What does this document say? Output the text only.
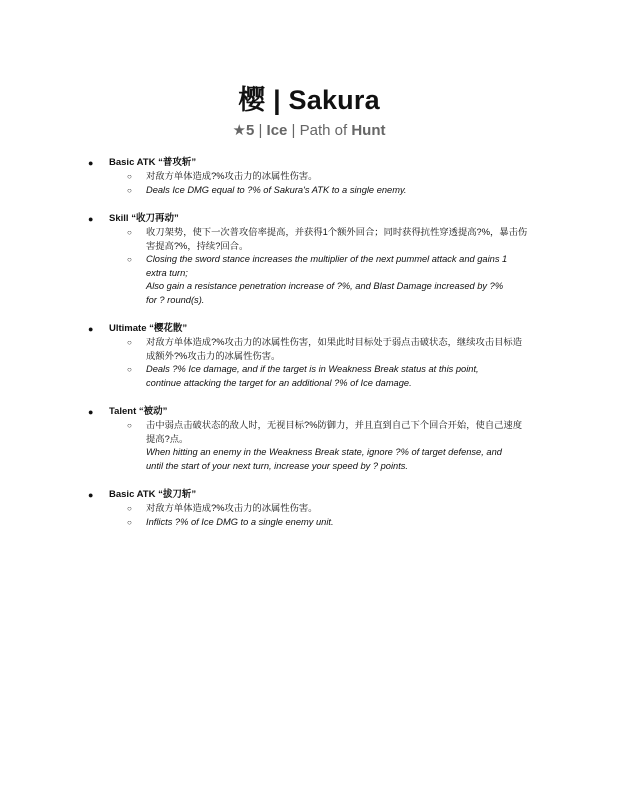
樱 | Sakura
★5 | Ice | Path of Hunt
● Basic ATK “普攻斩”
○ 对敌方单体造成?%攻击力的冰属性伤害。
○ Deals Ice DMG equal to ?% of Sakura's ATK to a single enemy.
● Skill “收刀再动”
○ 收刀架势，使下一次普攻倍率提高，并获得1个额外回合；同时获得抗性穿透提高?%，暴击伤
害提高?%，持续?回合。
○ Closing the sword stance increases the multiplier of the next pummel attack and gains 1
extra turn;
Also gain a resistance penetration increase of ?%, and Blast Damage increased by ?%
for ? round(s).
● Ultimate “樱花散”
○ 对敌方单体造成?%攻击力的冰属性伤害，如果此时目标处于弱点击破状态，继续攻击目标造
成额外?%攻击力的冰属性伤害。
○ Deals ?% Ice damage, and if the target is in Weakness Break status at this point,
continue attacking the target for an additional ?% of Ice damage.
● Talent “被动”
○ 击中弱点击破状态的敌人时，无视目标?%防御力，并且直到自己下个回合开始，使自己速度
提高?点。
When hitting an enemy in the Weakness Break state, ignore ?% of target defense, and
until the start of your next turn, increase your speed by ? points.
● Basic ATK “拔刀斩”
○ 对敌方单体造成?%攻击力的冰属性伤害。
○ Inflicts ?% of Ice DMG to a single enemy unit.
